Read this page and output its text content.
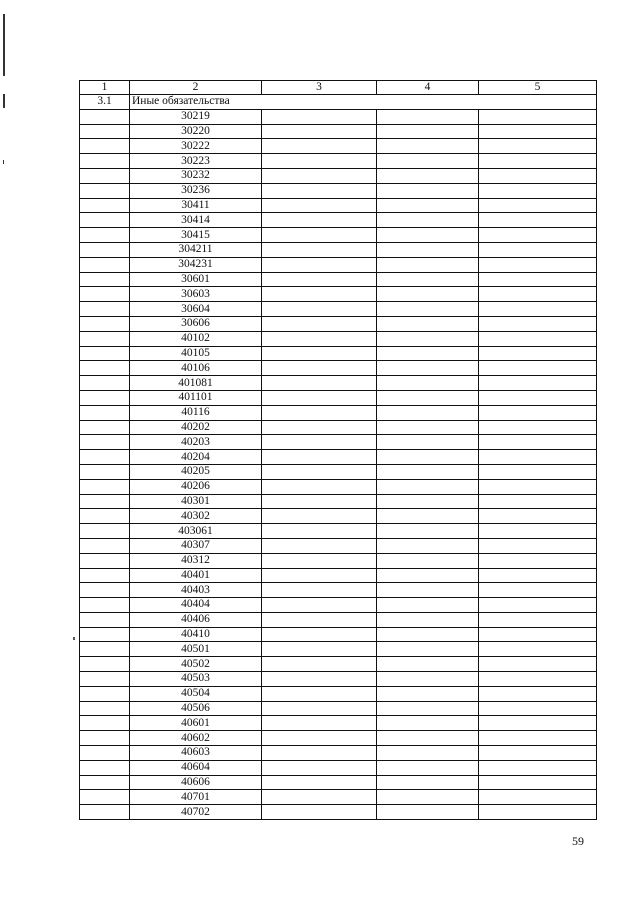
1	2	3	4	5
3.1	Иные обязательства			
	30219			
	30220			
	30222			
	30223			
	30232			
	30236			
	30411			
	30414			
	30415			
	304211			
	304231			
	30601			
	30603			
	30604			
	30606			
	40102			
	40105			
	40106			
	401081			
	401101			
	40116			
	40202			
	40203			
	40204			
	40205			
	40206			
	40301			
	40302			
	403061			
	40307			
	40312			
	40401			
	40403			
	40404			
	40406			
	40410			
	40501			
	40502			
	40503			
	40504			
	40506			
	40601			
	40602			
	40603			
	40604			
	40606			
	40701			
	40702			
59
